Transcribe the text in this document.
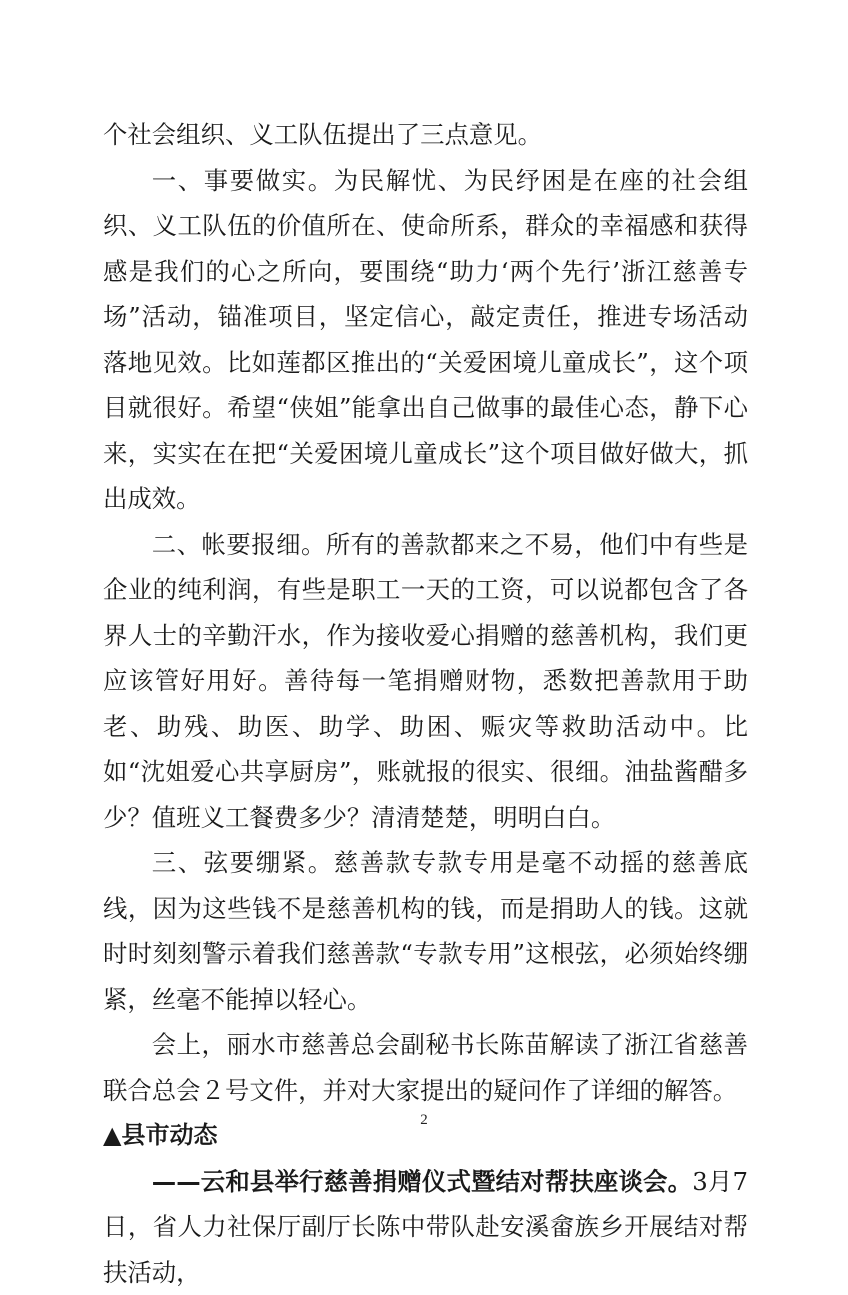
个社会组织、义工队伍提出了三点意见。

一、事要做实。为民解忧、为民纾困是在座的社会组织、义工队伍的价值所在、使命所系，群众的幸福感和获得感是我们的心之所向，要围绕“助力‘两个先行’浙江慈善专场”活动，锚准项目，坚定信心，敲定责任，推进专场活动落地见效。比如莲都区推出的“关爱困境儿童成长”，这个项目就很好。希望“侠姐”能拿出自己做事的最佳心态，静下心来，实实在在把“关爱困境儿童成长”这个项目做好做大，抓出成效。

二、帐要报细。所有的善款都来之不易，他们中有些是企业的纯利润，有些是职工一天的工资，可以说都包含了各界人士的辛勤汗水，作为接收爱心捐赠的慈善机构，我们更应该管好用好。善待每一笔捐赠财物，悉数把善款用于助老、助残、助医、助学、助困、赈灾等救助活动中。比如“沈姐爱心共享厨房”，账就报的很实、很细。油盐酱醋多少？值班义工餐费多少？清清楚楚，明明白白。

三、弦要绷紧。慈善款专款专用是毫不动摇的慈善底线，因为这些钱不是慈善机构的钱，而是捐助人的钱。这就时时刻刻警示着我们慈善款“专款专用”这根弦，必须始终绷紧，丝毫不能掉以轻心。

会上，丽水市慈善总会副秘书长陈苗解读了浙江省慈善联合总会２号文件，并对大家提出的疑问作了详细的解答。

▲县市动态

——云和县举行慈善捐赠仪式暨结对帮扶座谈会。3月7日，省人力社保厅副厅长陈中带队赴安溪畲族乡开展结对帮扶活动，

2
